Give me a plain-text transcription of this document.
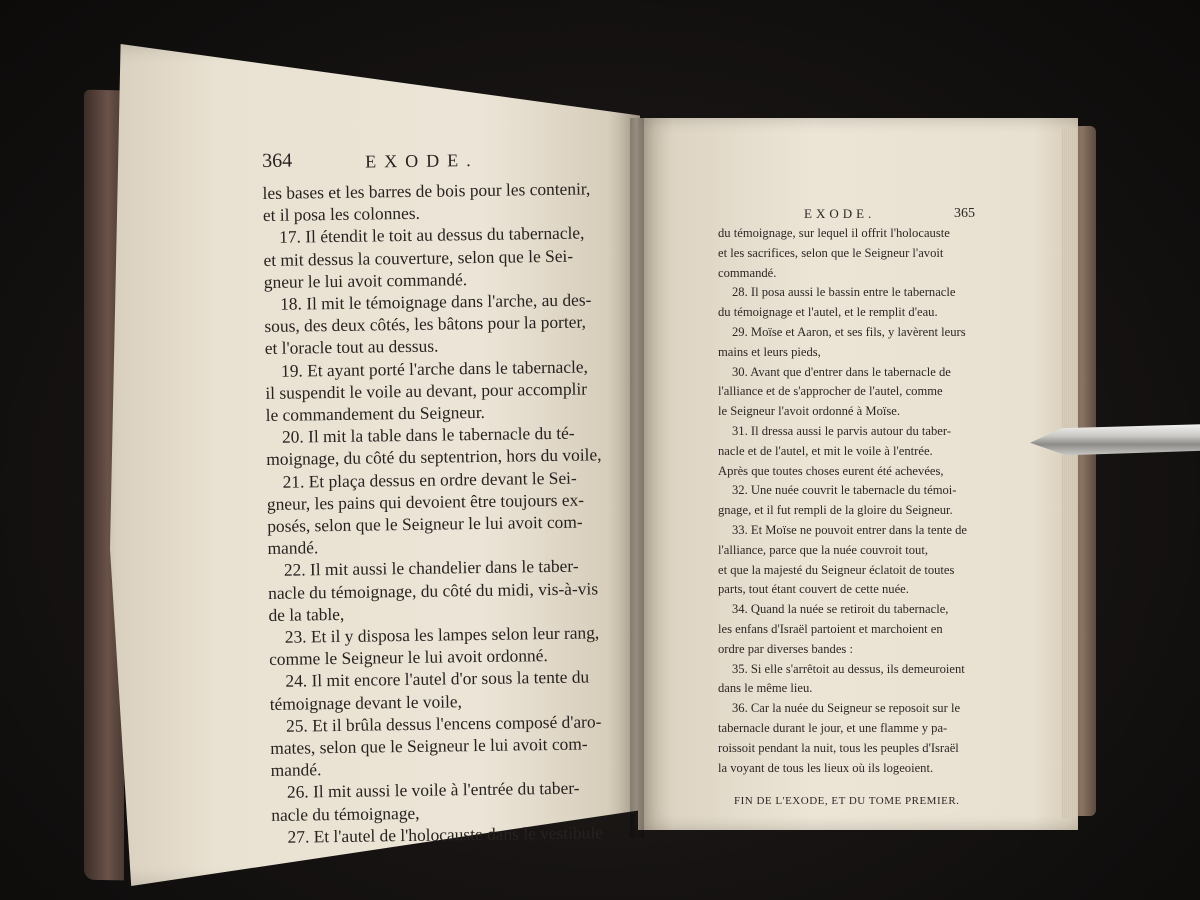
364	EXODE.

les bases et les barres de bois pour les contenir,

et il posa les colonnes.

17. Il étendit le toit au dessus du tabernacle,

et mit dessus la couverture, selon que le Sei-

gneur le lui avoit commandé.

18. Il mit le témoignage dans l'arche, au des-

sous, des deux côtés, les bâtons pour la porter,

et l'oracle tout au dessus.

19. Et ayant porté l'arche dans le tabernacle,

il suspendit le voile au devant, pour accomplir

le commandement du Seigneur.

20. Il mit la table dans le tabernacle du té-

moignage, du côté du septentrion, hors du voile,

21. Et plaça dessus en ordre devant le Sei-

gneur, les pains qui devoient être toujours ex-

posés, selon que le Seigneur le lui avoit com-

mandé.

22. Il mit aussi le chandelier dans le taber-

nacle du témoignage, du côté du midi, vis-à-vis

de la table,

23. Et il y disposa les lampes selon leur rang,

comme le Seigneur le lui avoit ordonné.

24. Il mit encore l'autel d'or sous la tente du

témoignage devant le voile,

25. Et il brûla dessus l'encens composé d'aro-

mates, selon que le Seigneur le lui avoit com-

mandé.

26. Il mit aussi le voile à l'entrée du taber-

nacle du témoignage,

27. Et l'autel de l'holocauste dans le vestibule

EXODE.	365

du témoignage, sur lequel il offrit l'holocauste

et les sacrifices, selon que le Seigneur l'avoit

commandé.

28. Il posa aussi le bassin entre le tabernacle

du témoignage et l'autel, et le remplit d'eau.

29. Moïse et Aaron, et ses fils, y lavèrent leurs

mains et leurs pieds,

30. Avant que d'entrer dans le tabernacle de

l'alliance et de s'approcher de l'autel, comme

le Seigneur l'avoit ordonné à Moïse.

31. Il dressa aussi le parvis autour du taber-

nacle et de l'autel, et mit le voile à l'entrée.

Après que toutes choses eurent été achevées,

32. Une nuée couvrit le tabernacle du témoi-

gnage, et il fut rempli de la gloire du Seigneur.

33. Et Moïse ne pouvoit entrer dans la tente de

l'alliance, parce que la nuée couvroit tout,

et que la majesté du Seigneur éclatoit de toutes

parts, tout étant couvert de cette nuée.

34. Quand la nuée se retiroit du tabernacle,

les enfans d'Israël partoient et marchoient en

ordre par diverses bandes :

35. Si elle s'arrêtoit au dessus, ils demeuroient

dans le même lieu.

36. Car la nuée du Seigneur se reposoit sur le

tabernacle durant le jour, et une flamme y pa-

roissoit pendant la nuit, tous les peuples d'Israël

la voyant de tous les lieux où ils logeoient.

FIN DE L'EXODE, ET DU TOME PREMIER.
